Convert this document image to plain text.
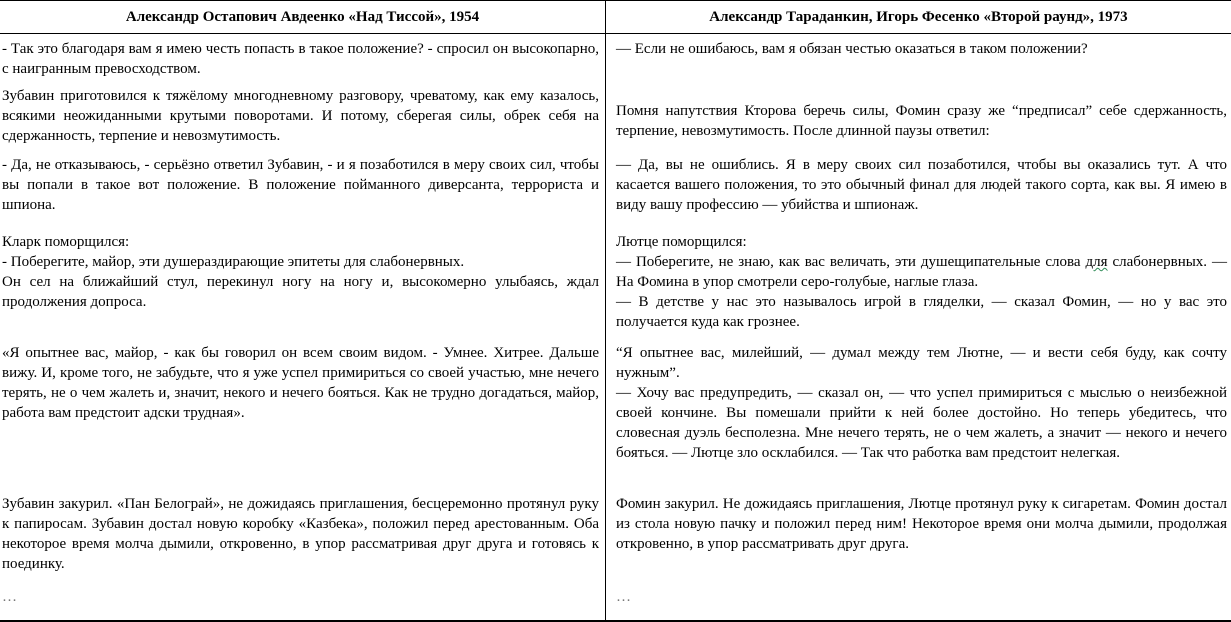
Александр Остапович Авдеенко «Над Тиссой», 1954	Александр Тараданкин, Игорь Фесенко «Второй раунд», 1973

- Так это благодаря вам я имею честь попасть в такое положение? - спросил он высокопарно, с наигранным превосходством.

Зубавин приготовился к тяжёлому многодневному разговору, чреватому, как ему казалось, всякими неожиданными крутыми поворотами. И потому, сберегая силы, обрек себя на сдержанность, терпение и невозмутимость.

- Да, не отказываюсь, - серьёзно ответил Зубавин, - и я позаботился в меру своих сил, чтобы вы попали в такое вот положение. В положение пойманного диверсанта, террориста и шпиона.

Кларк поморщился:

- Поберегите, майор, эти душераздирающие эпитеты для слабонервных.

Он сел на ближайший стул, перекинул ногу на ногу и, высокомерно улыбаясь, ждал продолжения допроса.

«Я опытнее вас, майор, - как бы говорил он всем своим видом. - Умнее. Хитрее. Дальше вижу. И, кроме того, не забудьте, что я уже успел примириться со своей участью, мне нечего терять, не о чем жалеть и, значит, некого и нечего бояться. Как не трудно догадаться, майор, работа вам предстоит адски трудная».

Зубавин закурил. «Пан Белограй», не дожидаясь приглашения, бесцеремонно протянул руку к папиросам. Зубавин достал новую коробку «Казбека», положил перед арестованным. Оба некоторое время молча дымили, откровенно, в упор рассматривая друг друга и готовясь к поединку.

…

— Если не ошибаюсь, вам я обязан честью оказаться в таком положении?

Помня напутствия Кторова беречь силы, Фомин сразу же “предписал” себе сдержанность, терпение, невозмутимость. После длинной паузы ответил:

— Да, вы не ошиблись. Я в меру своих сил позаботился, чтобы вы оказались тут. А что касается вашего положения, то это обычный финал для людей такого сорта, как вы. Я имею в виду вашу профессию — убийства и шпионаж.

Лютце поморщился:

— Поберегите, не знаю, как вас величать, эти душещипательные слова для слабонервных. — На Фомина в упор смотрели серо-голубые, наглые глаза.

— В детстве у нас это называлось игрой в гляделки, — сказал Фомин, — но у вас это получается куда как грознее.

“Я опытнее вас, милейший, — думал между тем Лютне, — и вести себя буду, как сочту нужным”.

— Хочу вас предупредить, — сказал он, — что успел примириться с мыслью о неизбежной своей кончине. Вы помешали прийти к ней более достойно. Но теперь убедитесь, что словесная дуэль бесполезна. Мне нечего терять, не о чем жалеть, а значит — некого и нечего бояться. — Лютце зло осклабился. — Так что работка вам предстоит нелегкая.

Фомин закурил. Не дожидаясь приглашения, Лютце протянул руку к сигаретам. Фомин достал из стола новую пачку и положил перед ним! Некоторое время они молча дымили, продолжая откровенно, в упор рассматривать друг друга.

…
